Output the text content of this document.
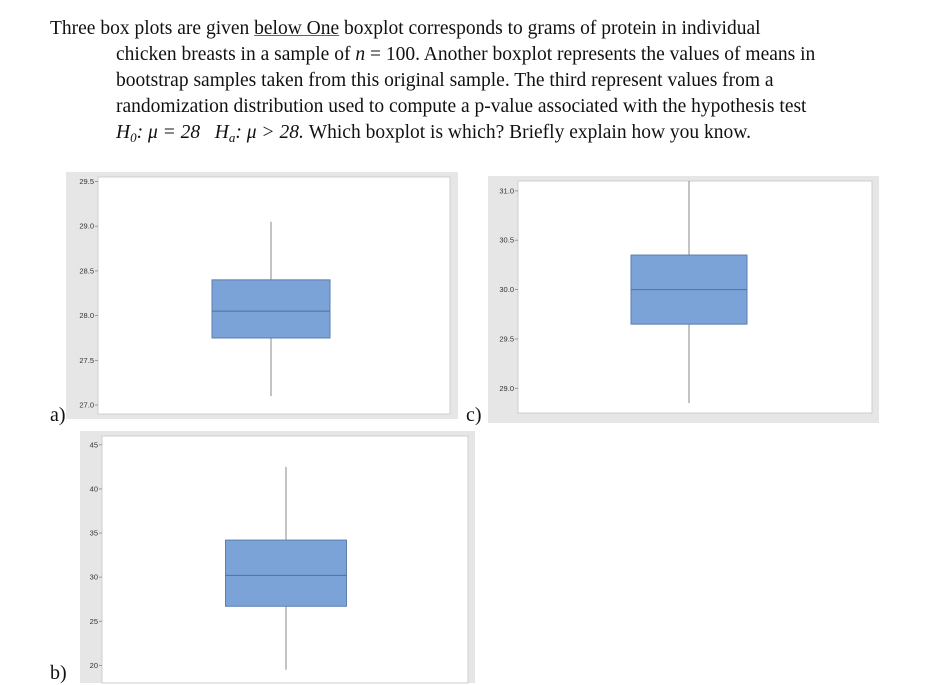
Three box plots are given below One boxplot corresponds to grams of protein in individual
chicken breasts in a sample of n = 100. Another boxplot represents the values of means in
bootstrap samples taken from this original sample. The third represent values from a
randomization distribution used to compute a p-value associated with the hypothesis test
$H_0$: μ = 28 $H_a$: μ > 28. Which boxplot is which? Briefly explain how you know.
a)	c)
b)
27.0
27.5
28.0
28.5
29.0
29.5
29.0
29.5
30.0
30.5
31.0
20
25
30
35
40
45
